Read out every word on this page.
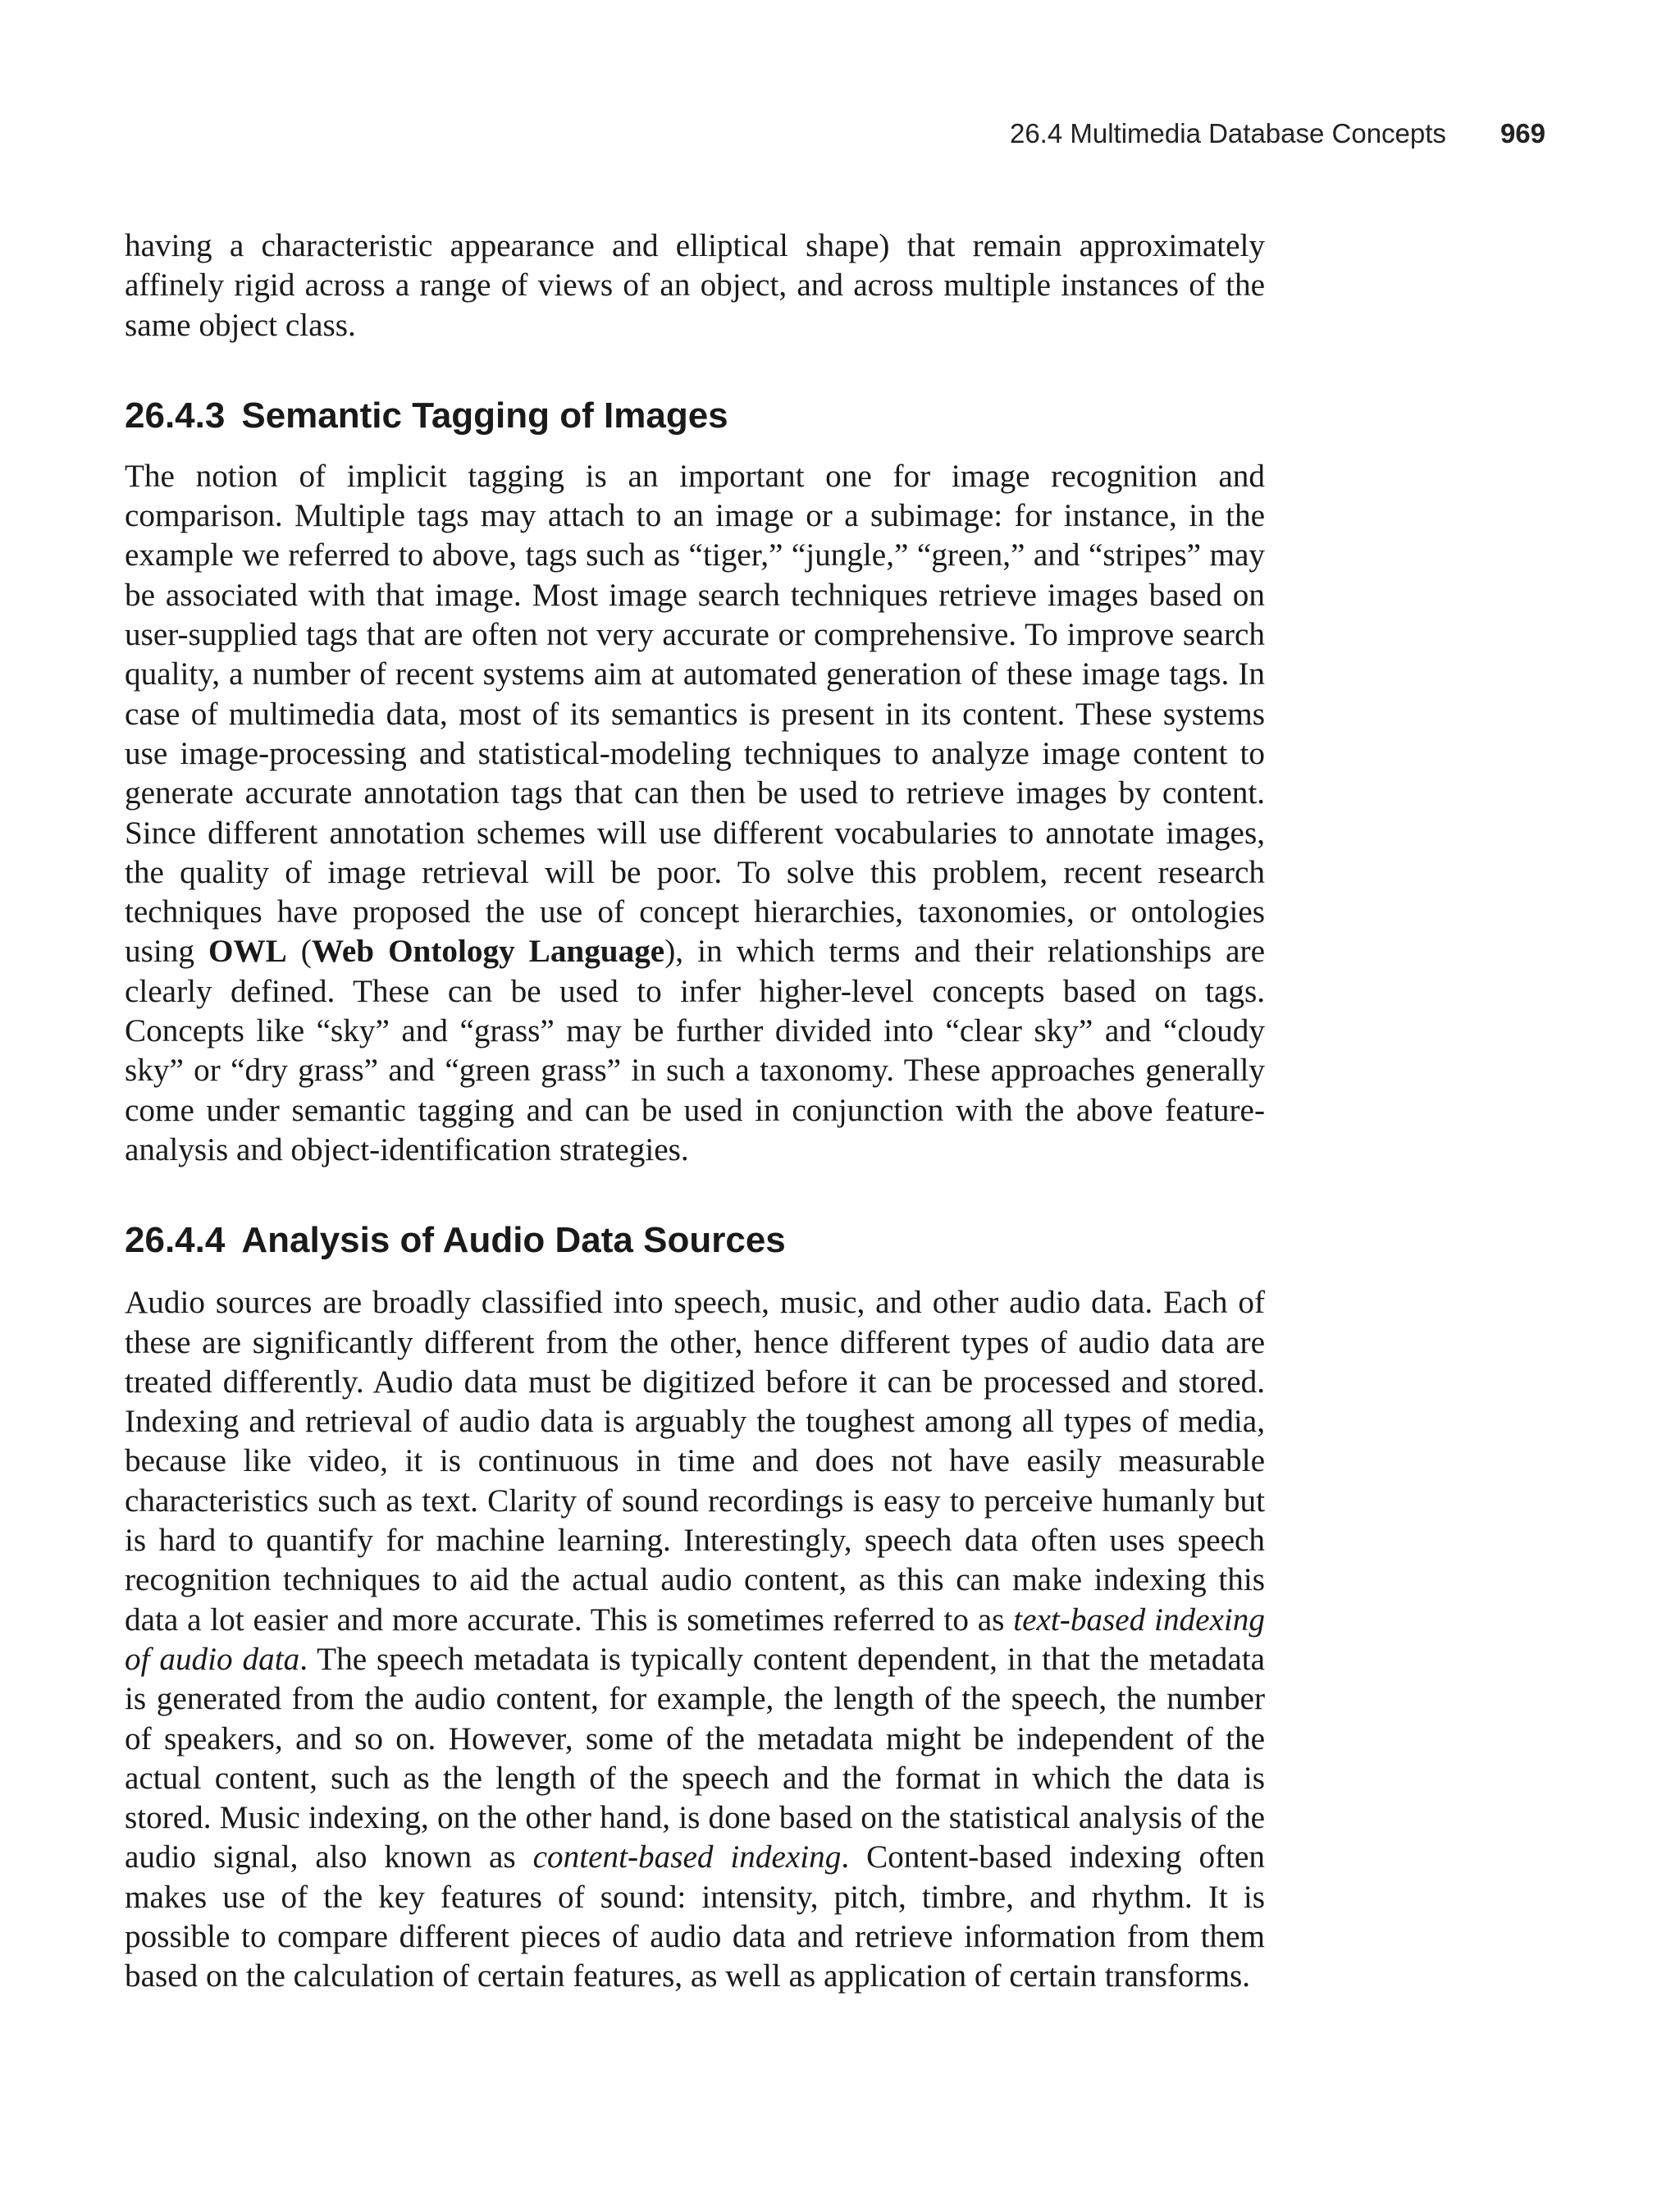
26.4 Multimedia Database Concepts 969

having a characteristic appearance and elliptical shape) that remain approximately affinely rigid across a range of views of an object, and across multiple instances of the same object class.

26.4.3 Semantic Tagging of Images

The notion of implicit tagging is an important one for image recognition and comparison. Multiple tags may attach to an image or a subimage: for instance, in the example we referred to above, tags such as “tiger,” “jungle,” “green,” and “stripes” may be associated with that image. Most image search techniques retrieve images based on user-supplied tags that are often not very accurate or comprehensive. To improve search quality, a number of recent systems aim at automated generation of these image tags. In case of multimedia data, most of its semantics is present in its content. These systems use image-processing and statistical-modeling techniques to analyze image content to generate accurate annotation tags that can then be used to retrieve images by content. Since different annotation schemes will use different vocabularies to annotate images, the quality of image retrieval will be poor. To solve this problem, recent research techniques have proposed the use of concept hierarchies, taxonomies, or ontologies using OWL (Web Ontology Language), in which terms and their relationships are clearly defined. These can be used to infer higher-level concepts based on tags. Concepts like “sky” and “grass” may be further divided into “clear sky” and “cloudy sky” or “dry grass” and “green grass” in such a taxonomy. These approaches generally come under semantic tagging and can be used in conjunction with the above feature-analysis and object-identification strategies.

26.4.4 Analysis of Audio Data Sources

Audio sources are broadly classified into speech, music, and other audio data. Each of these are significantly different from the other, hence different types of audio data are treated differently. Audio data must be digitized before it can be processed and stored. Indexing and retrieval of audio data is arguably the toughest among all types of media, because like video, it is continuous in time and does not have easily measurable characteristics such as text. Clarity of sound recordings is easy to perceive humanly but is hard to quantify for machine learning. Interestingly, speech data often uses speech recognition techniques to aid the actual audio content, as this can make indexing this data a lot easier and more accurate. This is sometimes referred to as text-based indexing of audio data. The speech metadata is typically content dependent, in that the metadata is generated from the audio content, for example, the length of the speech, the number of speakers, and so on. However, some of the metadata might be independent of the actual content, such as the length of the speech and the format in which the data is stored. Music indexing, on the other hand, is done based on the statistical analysis of the audio signal, also known as content-based indexing. Content-based indexing often makes use of the key features of sound: intensity, pitch, timbre, and rhythm. It is possible to compare different pieces of audio data and retrieve information from them based on the calculation of certain features, as well as application of certain transforms.
